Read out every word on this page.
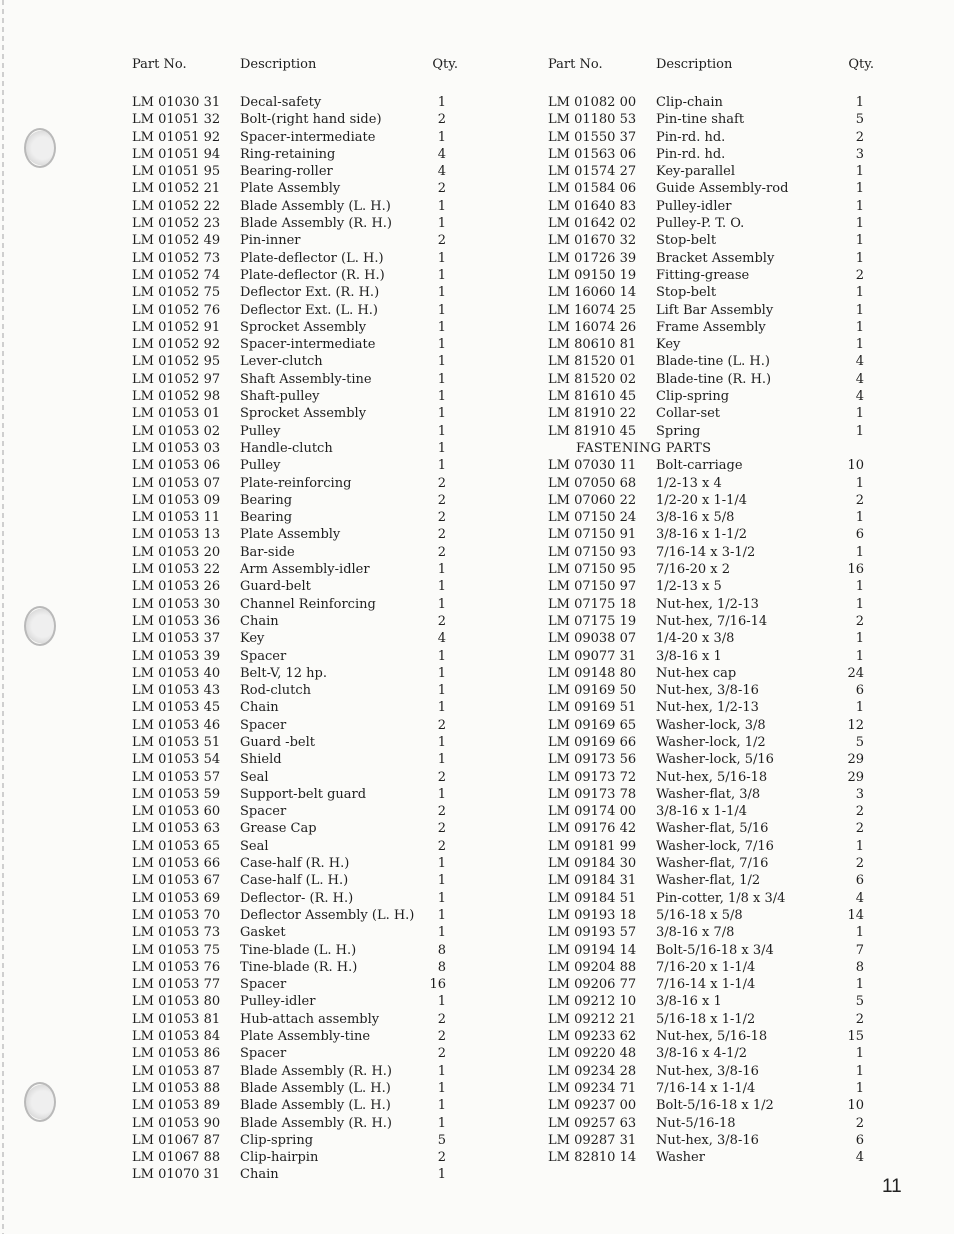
Part No.	Description	Qty.
LM 01030 31 Decal-safety	1
LM 01051 32 Bolt-(right hand side)	2
LM 01051 92 Spacer-intermediate	1
LM 01051 94 Ring-retaining	4
LM 01051 95 Bearing-roller	4
LM 01052 21 Plate Assembly	2
LM 01052 22 Blade Assembly (L. H.)	1
LM 01052 23 Blade Assembly (R. H.)	1
LM 01052 49 Pin-inner	2
LM 01052 73 Plate-deflector (L. H.)	1
LM 01052 74 Plate-deflector (R. H.)	1
LM 01052 75 Deflector Ext. (R. H.)	1
LM 01052 76 Deflector Ext. (L. H.)	1
LM 01052 91 Sprocket Assembly	1
LM 01052 92 Spacer-intermediate	1
LM 01052 95 Lever-clutch	1
LM 01052 97 Shaft Assembly-tine	1
LM 01052 98 Shaft-pulley	1
LM 01053 01 Sprocket Assembly	1
LM 01053 02 Pulley	1
LM 01053 03 Handle-clutch	1
LM 01053 06 Pulley	1
LM 01053 07 Plate-reinforcing	2
LM 01053 09 Bearing	2
LM 01053 11 Bearing	2
LM 01053 13 Plate Assembly	2
LM 01053 20 Bar-side	2
LM 01053 22 Arm Assembly-idler	1
LM 01053 26 Guard-belt	1
LM 01053 30 Channel Reinforcing	1
LM 01053 36 Chain	2
LM 01053 37 Key	4
LM 01053 39 Spacer	1
LM 01053 40 Belt-V, 12 hp.	1
LM 01053 43 Rod-clutch	1
LM 01053 45 Chain	1
LM 01053 46 Spacer	2
LM 01053 51 Guard -belt	1
LM 01053 54 Shield	1
LM 01053 57 Seal	2
LM 01053 59 Support-belt guard	1
LM 01053 60 Spacer	2
LM 01053 63 Grease Cap	2
LM 01053 65 Seal	2
LM 01053 66 Case-half (R. H.)	1
LM 01053 67 Case-half (L. H.)	1
LM 01053 69 Deflector- (R. H.)	1
LM 01053 70 Deflector Assembly (L. H.) 1
LM 01053 73 Gasket	1
LM 01053 75 Tine-blade (L. H.)	8
LM 01053 76 Tine-blade (R. H.)	8
LM 01053 77 Spacer	16
LM 01053 80 Pulley-idler	1
LM 01053 81 Hub-attach assembly	2
LM 01053 84 Plate Assembly-tine	2
LM 01053 86 Spacer	2
LM 01053 87 Blade Assembly (R. H.)	1
LM 01053 88 Blade Assembly (L. H.)	1
LM 01053 89 Blade Assembly (L. H.)	1
LM 01053 90 Blade Assembly (R. H.)	1
LM 01067 87 Clip-spring	5
LM 01067 88 Clip-hairpin	2
LM 01070 31 Chain	1
Part No.	Description	Qty.
LM 01082 00 Clip-chain	1
LM 01180 53 Pin-tine shaft	5
LM 01550 37 Pin-rd. hd.	2
LM 01563 06 Pin-rd. hd.	3
LM 01574 27 Key-parallel	1
LM 01584 06 Guide Assembly-rod	1
LM 01640 83 Pulley-idler	1
LM 01642 02 Pulley-P. T. O.	1
LM 01670 32 Stop-belt	1
LM 01726 39 Bracket Assembly	1
LM 09150 19 Fitting-grease	2
LM 16060 14 Stop-belt	1
LM 16074 25 Lift Bar Assembly	1
LM 16074 26 Frame Assembly	1
LM 80610 81 Key	1
LM 81520 01 Blade-tine (L. H.)	4
LM 81520 02 Blade-tine (R. H.)	4
LM 81610 45 Clip-spring	4
LM 81910 22 Collar-set	1
LM 81910 45 Spring	1
FASTENING PARTS
LM 07030 11 Bolt-carriage	10
LM 07050 68 1/2-13 x 4	1
LM 07060 22 1/2-20 x 1-1/4	2
LM 07150 24 3/8-16 x 5/8	1
LM 07150 91 3/8-16 x 1-1/2	6
LM 07150 93 7/16-14 x 3-1/2	1
LM 07150 95 7/16-20 x 2	16
LM 07150 97 1/2-13 x 5	1
LM 07175 18 Nut-hex, 1/2-13	1
LM 07175 19 Nut-hex, 7/16-14	2
LM 09038 07 1/4-20 x 3/8	1
LM 09077 31 3/8-16 x 1	1
LM 09148 80 Nut-hex cap	24
LM 09169 50 Nut-hex, 3/8-16	6
LM 09169 51 Nut-hex, 1/2-13	1
LM 09169 65 Washer-lock, 3/8	12
LM 09169 66 Washer-lock, 1/2	5
LM 09173 56 Washer-lock, 5/16	29
LM 09173 72 Nut-hex, 5/16-18	29
LM 09173 78 Washer-flat, 3/8	3
LM 09174 00 3/8-16 x 1-1/4	2
LM 09176 42 Washer-flat, 5/16	2
LM 09181 99 Washer-lock, 7/16	1
LM 09184 30 Washer-flat, 7/16	2
LM 09184 31 Washer-flat, 1/2	6
LM 09184 51 Pin-cotter, 1/8 x 3/4	4
LM 09193 18 5/16-18 x 5/8	14
LM 09193 57 3/8-16 x 7/8	1
LM 09194 14 Bolt-5/16-18 x 3/4	7
LM 09204 88 7/16-20 x 1-1/4	8
LM 09206 77 7/16-14 x 1-1/4	1
LM 09212 10 3/8-16 x 1	5
LM 09212 21 5/16-18 x 1-1/2	2
LM 09233 62 Nut-hex, 5/16-18	15
LM 09220 48 3/8-16 x 4-1/2	1
LM 09234 28 Nut-hex, 3/8-16	1
LM 09234 71 7/16-14 x 1-1/4	1
LM 09237 00 Bolt-5/16-18 x 1/2	10
LM 09257 63 Nut-5/16-18	2
LM 09287 31 Nut-hex, 3/8-16	6
LM 82810 14 Washer	4
11
